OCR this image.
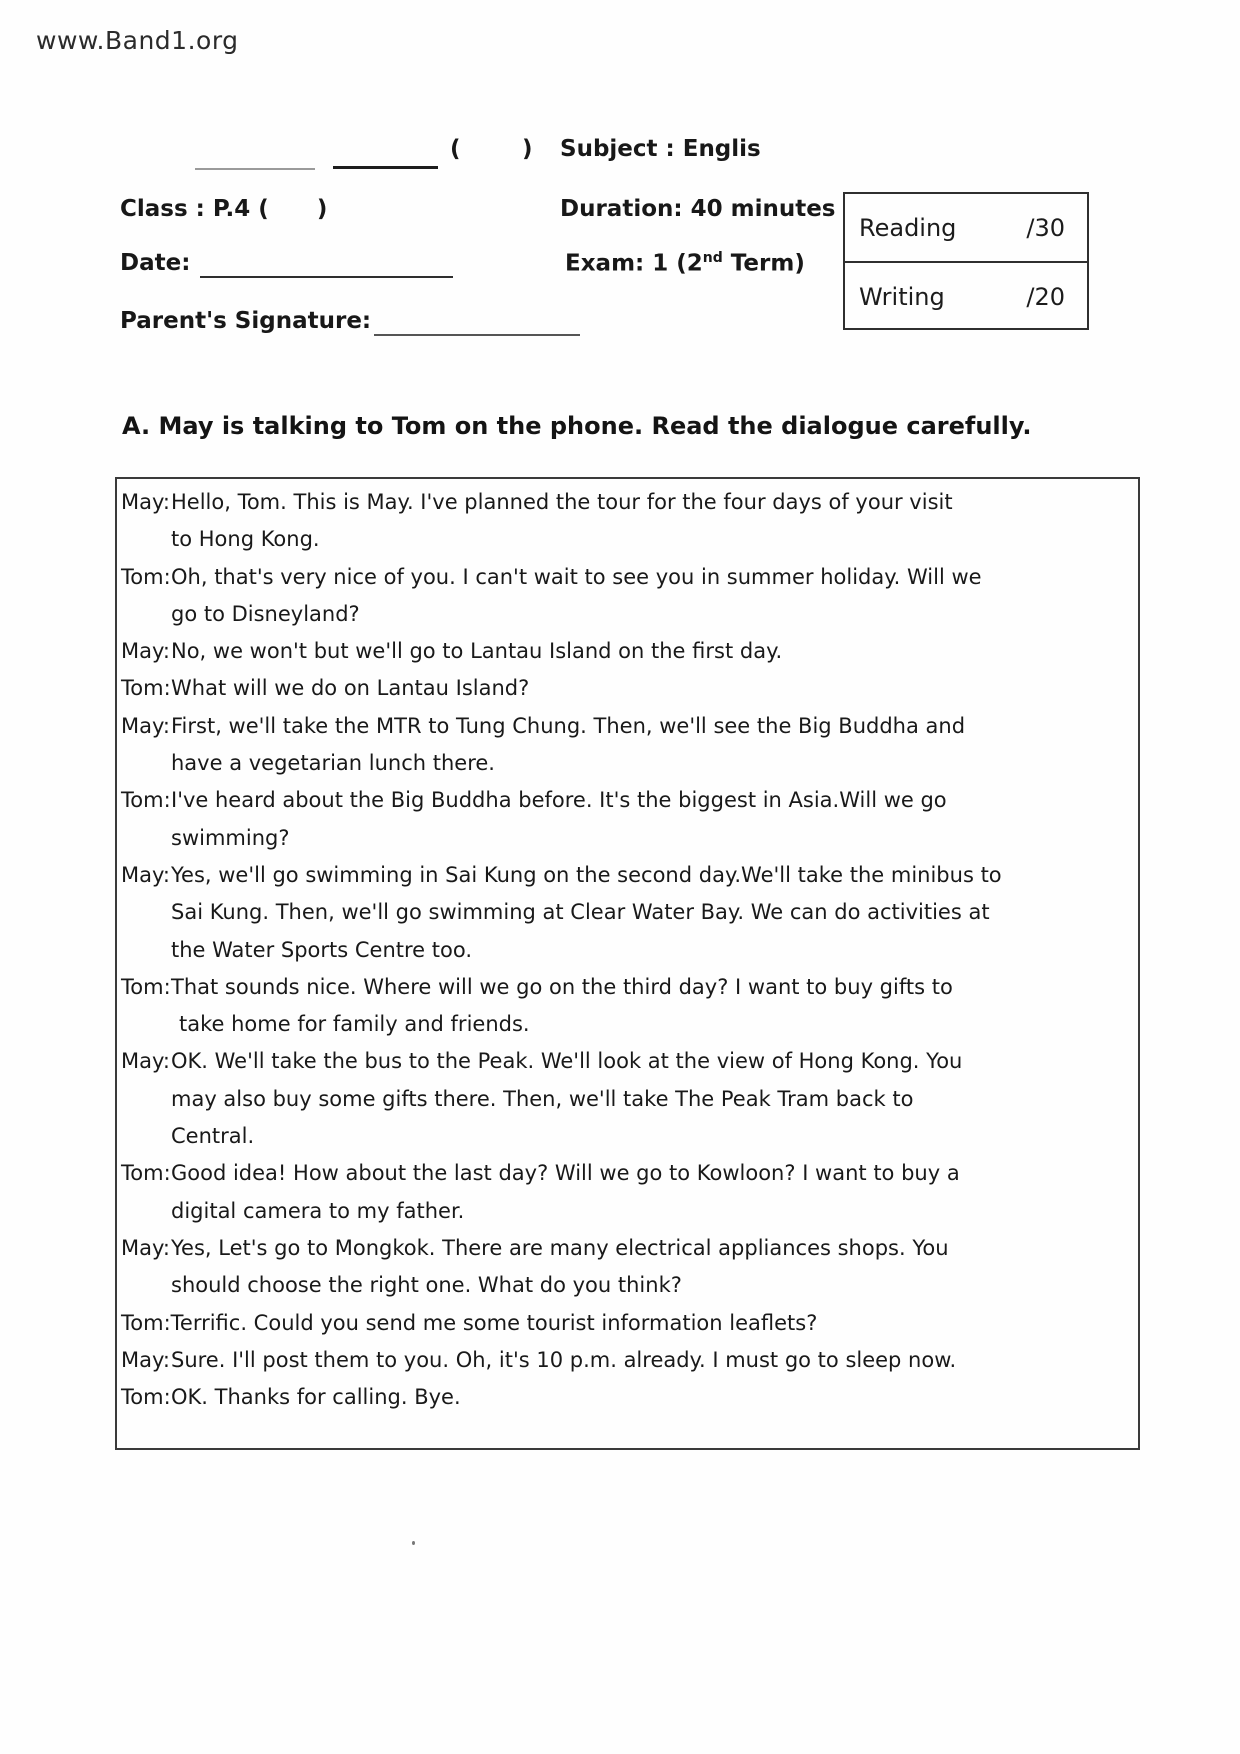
www.Band1.org
(	) Subject : Englis
Class : P.4 (      )	Duration: 40 minutes
Date:	Exam: 1 (2nd Term)
Parent's Signature:
Reading	/30
Writing	/20
A. May is talking to Tom on the phone. Read the dialogue carefully.
May: Hello, Tom. This is May. I've planned the tour for the four days of your visit
to Hong Kong.
Tom: Oh, that's very nice of you. I can't wait to see you in summer holiday. Will we
go to Disneyland?
May: No, we won't but we'll go to Lantau Island on the first day.
Tom: What will we do on Lantau Island?
May: First, we'll take the MTR to Tung Chung. Then, we'll see the Big Buddha and
have a vegetarian lunch there.
Tom: I've heard about the Big Buddha before. It's the biggest in Asia.Will we go
swimming?
May: Yes, we'll go swimming in Sai Kung on the second day.We'll take the minibus to
Sai Kung. Then, we'll go swimming at Clear Water Bay. We can do activities at
the Water Sports Centre too.
Tom: That sounds nice. Where will we go on the third day? I want to buy gifts to
take home for family and friends.
May: OK. We'll take the bus to the Peak. We'll look at the view of Hong Kong. You
may also buy some gifts there. Then, we'll take The Peak Tram back to
Central.
Tom: Good idea! How about the last day? Will we go to Kowloon? I want to buy a
digital camera to my father.
May: Yes, Let's go to Mongkok. There are many electrical appliances shops. You
should choose the right one. What do you think?
Tom: Terrific. Could you send me some tourist information leaflets?
May: Sure. I'll post them to you. Oh, it's 10 p.m. already. I must go to sleep now.
Tom: OK. Thanks for calling. Bye.
